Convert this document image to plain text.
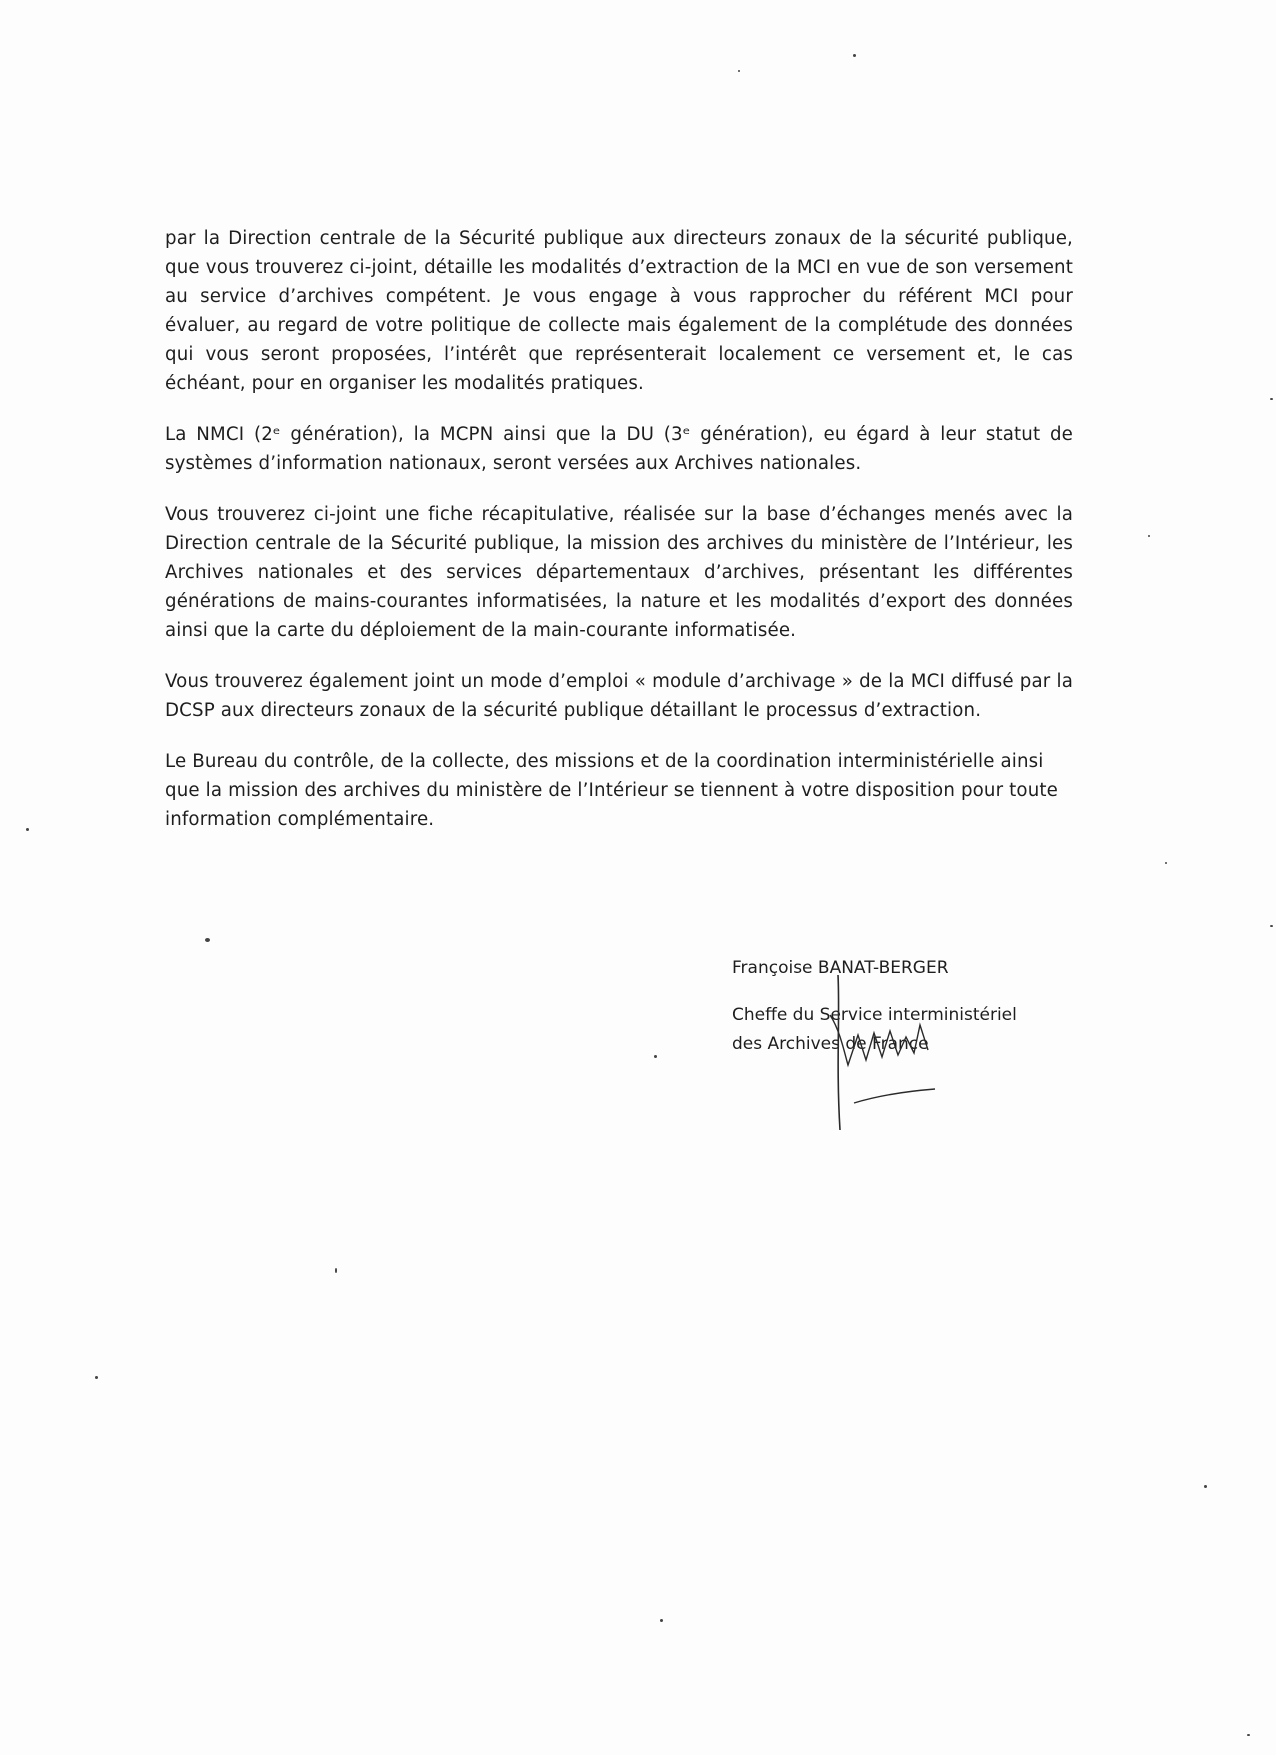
par la Direction centrale de la Sécurité publique aux directeurs zonaux de la sécurité publique, que vous trouverez ci-joint, détaille les modalités d’extraction de la MCI en vue de son versement au service d’archives compétent. Je vous engage à vous rapprocher du référent MCI pour évaluer, au regard de votre politique de collecte mais également de la complétude des données qui vous seront proposées, l’intérêt que représenterait localement ce versement et, le cas échéant, pour en organiser les modalités pratiques.

La NMCI (2ᵉ génération), la MCPN ainsi que la DU (3ᵉ génération), eu égard à leur statut de systèmes d’information nationaux, seront versées aux Archives nationales.

Vous trouverez ci-joint une fiche récapitulative, réalisée sur la base d’échanges menés avec la Direction centrale de la Sécurité publique, la mission des archives du ministère de l’Intérieur, les Archives nationales et des services départementaux d’archives, présentant les différentes générations de mains-courantes informatisées, la nature et les modalités d’export des données ainsi que la carte du déploiement de la main-courante informatisée.

Vous trouverez également joint un mode d’emploi « module d’archivage » de la MCI diffusé par la DCSP aux directeurs zonaux de la sécurité publique détaillant le processus d’extraction.

Le Bureau du contrôle, de la collecte, des missions et de la coordination interministérielle ainsi que la mission des archives du ministère de l’Intérieur se tiennent à votre disposition pour toute information complémentaire.

Françoise BANAT-BERGER

Cheffe du Service interministériel
des Archives de France
